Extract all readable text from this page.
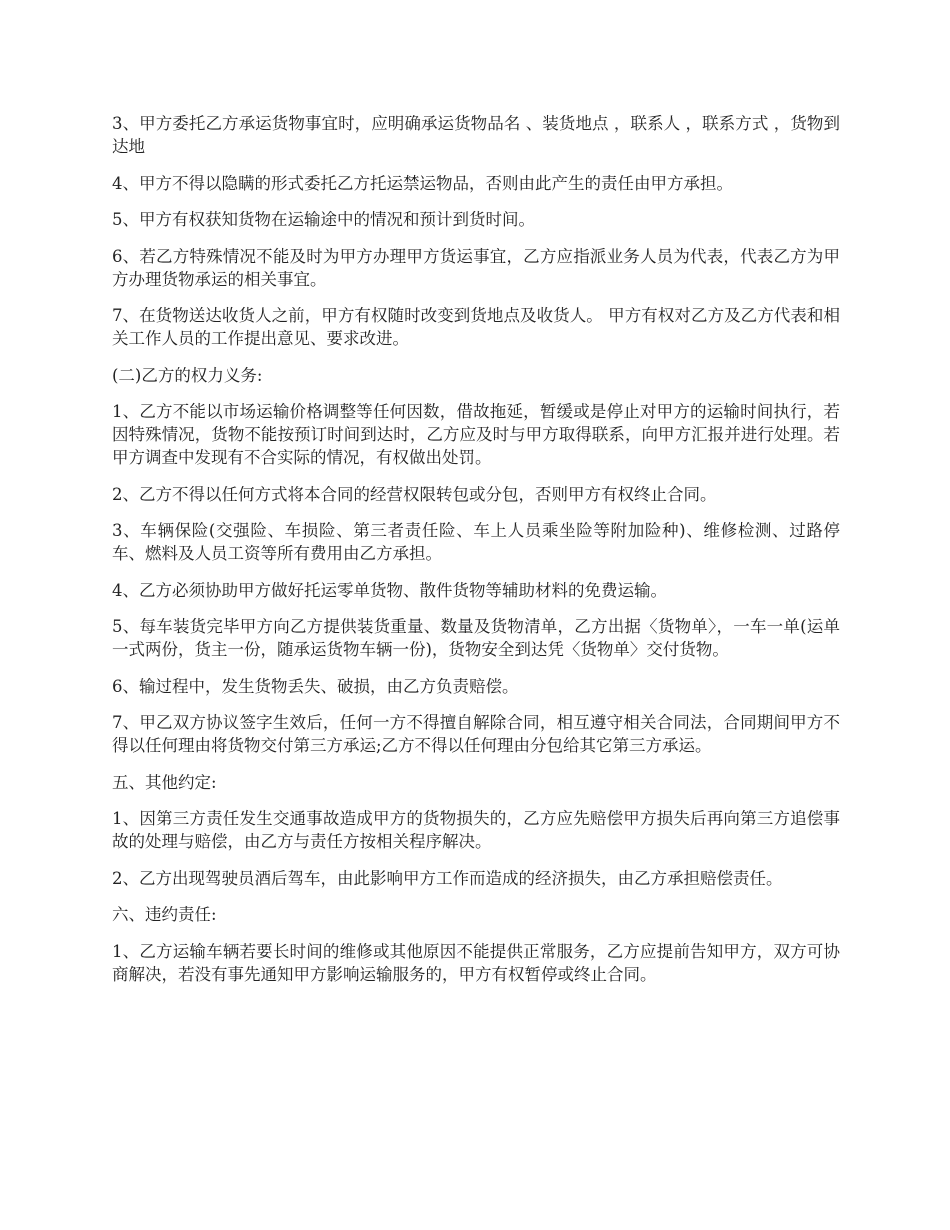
3、甲方委托乙方承运货物事宜时，应明确承运货物品名 、装货地点 ，联系人 ，联系方式 ，货物到达地

4、甲方不得以隐瞒的形式委托乙方托运禁运物品，否则由此产生的责任由甲方承担。

5、甲方有权获知货物在运输途中的情况和预计到货时间。

6、若乙方特殊情况不能及时为甲方办理甲方货运事宜，乙方应指派业务人员为代表，代表乙方为甲方办理货物承运的相关事宜。

7、在货物送达收货人之前，甲方有权随时改变到货地点及收货人。 甲方有权对乙方及乙方代表和相关工作人员的工作提出意见、要求改进。

(二)乙方的权力义务:

1、乙方不能以市场运输价格调整等任何因数，借故拖延，暂缓或是停止对甲方的运输时间执行，若因特殊情况，货物不能按预订时间到达时，乙方应及时与甲方取得联系，向甲方汇报并进行处理。若甲方调查中发现有不合实际的情况，有权做出处罚。

2、乙方不得以任何方式将本合同的经营权限转包或分包，否则甲方有权终止合同。

3、车辆保险(交强险、车损险、第三者责任险、车上人员乘坐险等附加险种)、维修检测、过路停车、燃料及人员工资等所有费用由乙方承担。

4、乙方必须协助甲方做好托运零单货物、散件货物等辅助材料的免费运输。

5、每车装货完毕甲方向乙方提供装货重量、数量及货物清单，乙方出据〈货物单〉，一车一单(运单一式两份，货主一份，随承运货物车辆一份)，货物安全到达凭〈货物单〉交付货物。

6、输过程中，发生货物丢失、破损，由乙方负责赔偿。

7、甲乙双方协议签字生效后，任何一方不得擅自解除合同，相互遵守相关合同法，合同期间甲方不得以任何理由将货物交付第三方承运;乙方不得以任何理由分包给其它第三方承运。

五、其他约定:

1、因第三方责任发生交通事故造成甲方的货物损失的，乙方应先赔偿甲方损失后再向第三方追偿事故的处理与赔偿，由乙方与责任方按相关程序解决。

2、乙方出现驾驶员酒后驾车，由此影响甲方工作而造成的经济损失，由乙方承担赔偿责任。

六、违约责任:

1、乙方运输车辆若要长时间的维修或其他原因不能提供正常服务，乙方应提前告知甲方，双方可协商解决，若没有事先通知甲方影响运输服务的，甲方有权暂停或终止合同。
